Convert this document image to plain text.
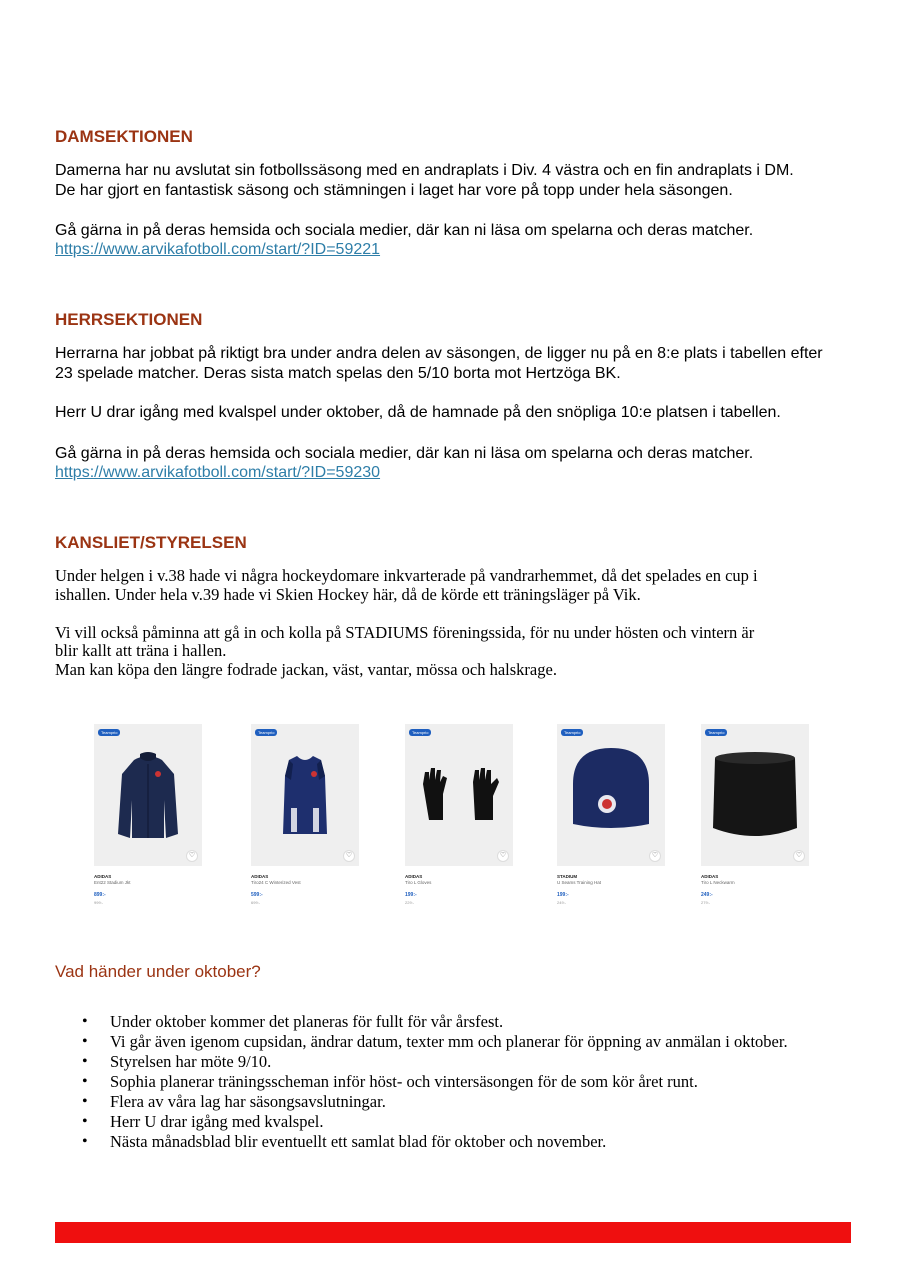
DAMSEKTIONEN

Damerna har nu avslutat sin fotbollssäsong med en andraplats i Div. 4 västra och en fin andraplats i DM.

De har gjort en fantastisk säsong och stämningen i laget har vore på topp under hela säsongen.

Gå gärna in på deras hemsida och sociala medier, där kan ni läsa om spelarna och deras matcher.

https://www.arvikafotboll.com/start/?ID=59221
HERRSEKTIONEN

Herrarna har jobbat på riktigt bra under andra delen av säsongen, de ligger nu på en 8:e plats i tabellen efter

23 spelade matcher. Deras sista match spelas den 5/10 borta mot Hertzöga BK.

Herr U drar igång med kvalspel under oktober, då de hamnade på den snöpliga 10:e platsen i tabellen.

Gå gärna in på deras hemsida och sociala medier, där kan ni läsa om spelarna och deras matcher.

https://www.arvikafotboll.com/start/?ID=59230
KANSLIET/STYRELSEN

Under helgen i v.38 hade vi några hockeydomare inkvarterade på vandrarhemmet, då det spelades en cup i

ishallen. Under hela v.39 hade vi Skien Hockey här, då de körde ett träningsläger på Vik.

Vi vill också påminna att gå in och kolla på STADIUMS föreningssida, för nu under hösten och vintern är

blir kallt att träna i hallen.

Man kan köpa den längre fodrade jackan, väst, vantar, mössa och halskrage.

Teamprio
♡
ADIDAS
Ent22 Stadium Jkt
899:-
999:-
Teamprio
♡
ADIDAS
Tiro24 C Winterized Vest
599:-
699:-
Teamprio
♡
ADIDAS
Tiro L Gloves
199:-
229:-
Teamprio
♡
STADIUM
U Seams Training Hat
199:-
249:-
Teamprio
♡
ADIDAS
Tiro L Neckwarm
249:-
279:-
Vad händer under oktober?
• Under oktober kommer det planeras för fullt för vår årsfest.
• Vi går även igenom cupsidan, ändrar datum, texter mm och planerar för öppning av anmälan i oktober.
• Styrelsen har möte 9/10.
• Sophia planerar träningsscheman inför höst- och vintersäsongen för de som kör året runt.
• Flera av våra lag har säsongsavslutningar.
• Herr U drar igång med kvalspel.
• Nästa månadsblad blir eventuellt ett samlat blad för oktober och november.
